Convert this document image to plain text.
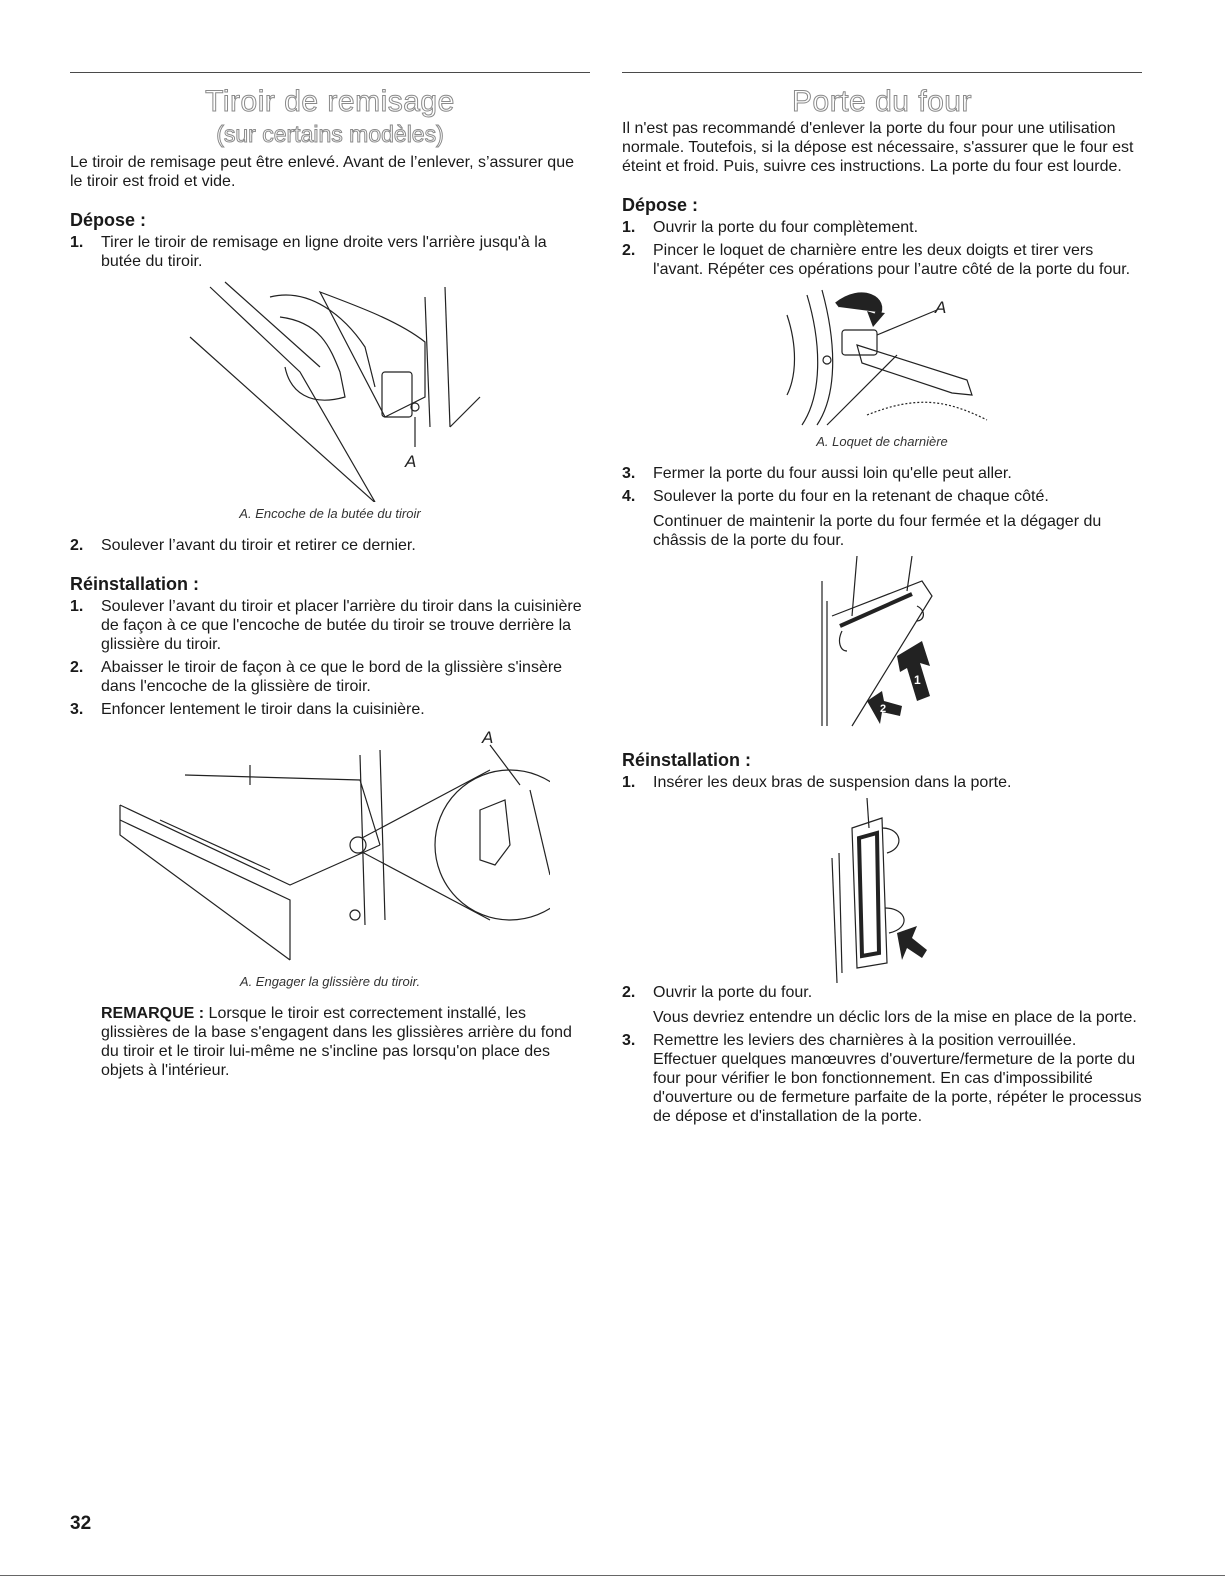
Tiroir de remisage
(sur certains modèles)

Le tiroir de remisage peut être enlevé. Avant de l’enlever, s’assurer que le tiroir est froid et vide.

Dépose :
1. Tirer le tiroir de remisage en ligne droite vers l'arrière jusqu'à la butée du tiroir.
A
A. Encoche de la butée du tiroir
2. Soulever l’avant du tiroir et retirer ce dernier.
Réinstallation :
1. Soulever l’avant du tiroir et placer l'arrière du tiroir dans la cuisinière de façon à ce que l'encoche de butée du tiroir se trouve derrière la glissière du tiroir.
2. Abaisser le tiroir de façon à ce que le bord de la glissière s'insère dans l'encoche de la glissière de tiroir.
3. Enfoncer lentement le tiroir dans la cuisinière.
A
A. Engager la glissière du tiroir.
REMARQUE : Lorsque le tiroir est correctement installé, les glissières de la base s'engagent dans les glissières arrière du fond du tiroir et le tiroir lui-même ne s'incline pas lorsqu'on place des objets à l'intérieur.
Porte du four

Il n'est pas recommandé d'enlever la porte du four pour une utilisation normale. Toutefois, si la dépose est nécessaire, s'assurer que le four est éteint et froid. Puis, suivre ces instructions. La porte du four est lourde.

Dépose :
1. Ouvrir la porte du four complètement.
2. Pincer le loquet de charnière entre les deux doigts et tirer vers l'avant. Répéter ces opérations pour l’autre côté de la porte du four.
A
A. Loquet de charnière
3. Fermer la porte du four aussi loin qu'elle peut aller.
4. Soulever la porte du four en la retenant de chaque côté.
Continuer de maintenir la porte du four fermée et la dégager du châssis de la porte du four.
1
2
Réinstallation :
1. Insérer les deux bras de suspension dans la porte.
2. Ouvrir la porte du four.
Vous devriez entendre un déclic lors de la mise en place de la porte.
3. Remettre les leviers des charnières à la position verrouillée. Effectuer quelques manœuvres d'ouverture/fermeture de la porte du four pour vérifier le bon fonctionnement. En cas d'impossibilité d'ouverture ou de fermeture parfaite de la porte, répéter le processus de dépose et d'installation de la porte.
32
